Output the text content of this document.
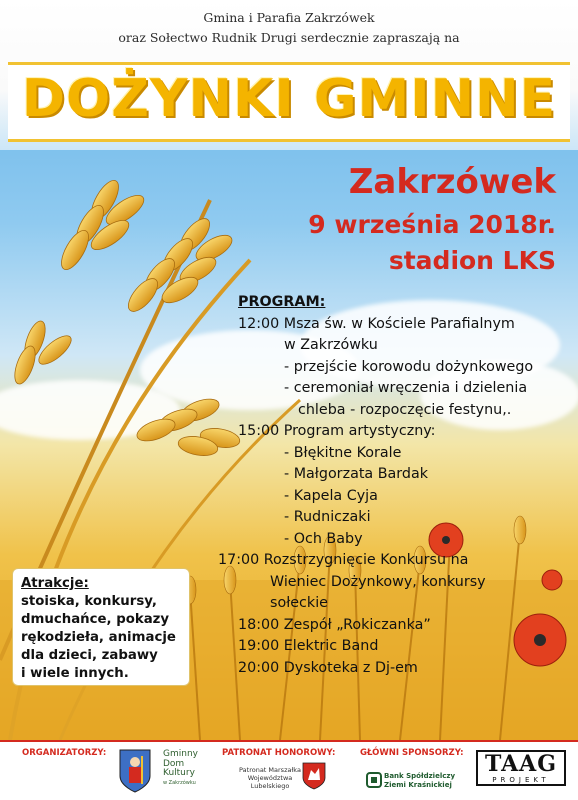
Gmina i Parafia Zakrzówek
oraz Sołectwo Rudnik Drugi serdecznie zapraszają na
DOŻYNKI GMINNE
Zakrzówek
9 września 2018r.
stadion LKS
PROGRAM:
12:00 Msza św. w Kościele Parafialnym
w Zakrzówku
- przejście korowodu dożynkowego
- ceremoniał wręczenia i dzielenia
chleba - rozpoczęcie festynu,.
15:00 Program artystyczny:
- Błękitne Korale
- Małgorzata Bardak
- Kapela Cyja
- Rudniczaki
- Och Baby
17:00 Rozstrzygnięcie Konkursu na
Wieniec Dożynkowy, konkursy
sołeckie
18:00 Zespół „Rokiczanka”
19:00 Elektric Band
20:00 Dyskoteka z Dj-em
Atrakcje:
stoiska, konkursy,
dmuchańce, pokazy
rękodzieła, animacje
dla dzieci, zabawy
i wiele innych.
ORGANIZATORZY:	PATRONAT HONOROWY:	GŁÓWNI SPONSORZY:
Gminny
Dom
Kultury
w Zakrzówku
Patronat Marszałka
Województwa Lubelskiego
Bank Spółdzielczy
Ziemi Kraśnickiej
TAAG
PROJEKT
